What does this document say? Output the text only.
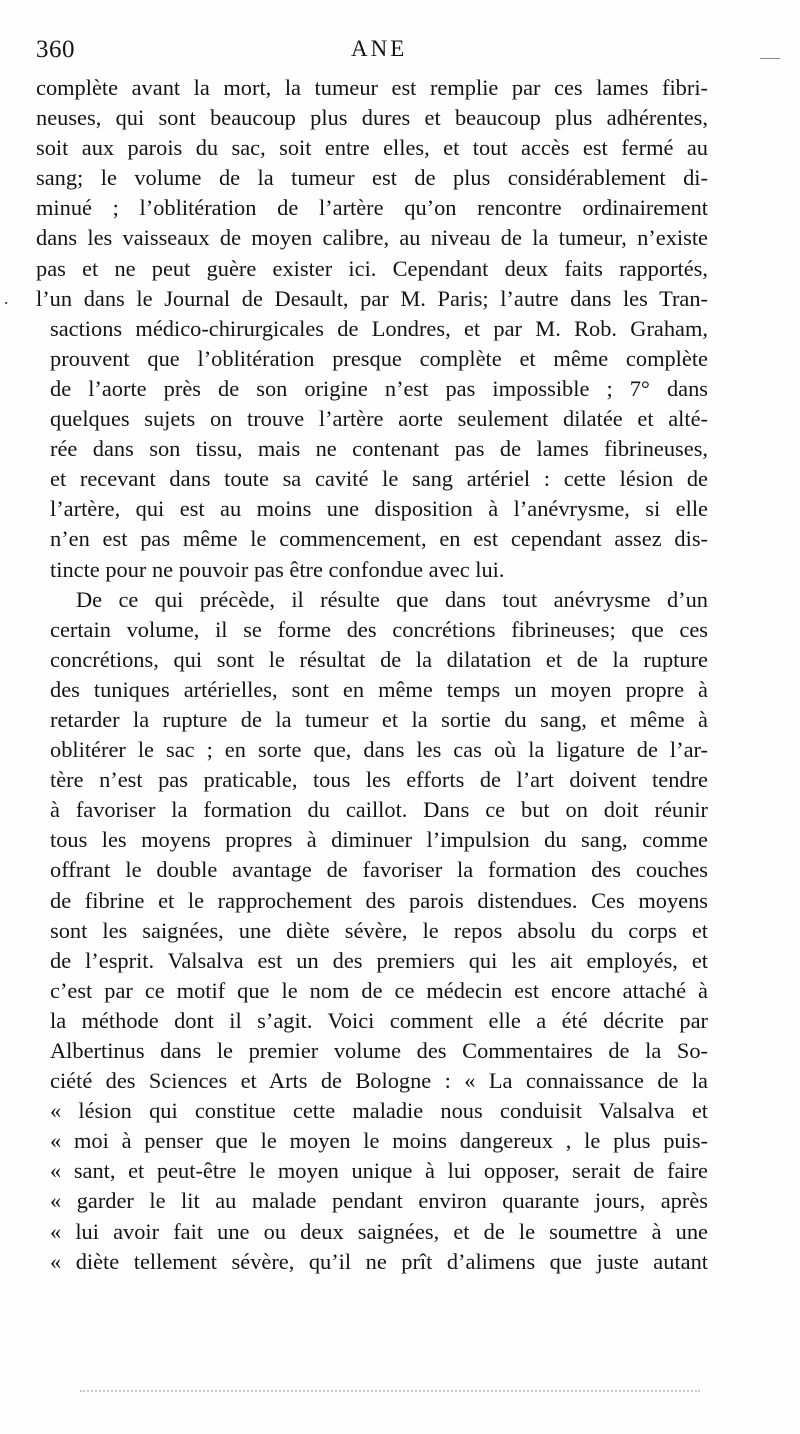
360	ANE
.
complète avant la mort, la tumeur est remplie par ces lames fibri-
neuses, qui sont beaucoup plus dures et beaucoup plus adhérentes,
soit aux parois du sac, soit entre elles, et tout accès est fermé au
sang; le volume de la tumeur est de plus considérablement di-
minué ; l’oblitération de l’artère qu’on rencontre ordinairement
dans les vaisseaux de moyen calibre, au niveau de la tumeur, n’existe
pas et ne peut guère exister ici. Cependant deux faits rapportés,
l’un dans le Journal de Desault, par M. Paris; l’autre dans les Tran-
sactions médico-chirurgicales de Londres, et par M. Rob. Graham,
prouvent que l’oblitération presque complète et même complète
de l’aorte près de son origine n’est pas impossible ; 7° dans
quelques sujets on trouve l’artère aorte seulement dilatée et alté-
rée dans son tissu, mais ne contenant pas de lames fibrineuses,
et recevant dans toute sa cavité le sang artériel : cette lésion de
l’artère, qui est au moins une disposition à l’anévrysme, si elle
n’en est pas même le commencement, en est cependant assez dis-
tincte pour ne pouvoir pas être confondue avec lui.
De ce qui précède, il résulte que dans tout anévrysme d’un
certain volume, il se forme des concrétions fibrineuses; que ces
concrétions, qui sont le résultat de la dilatation et de la rupture
des tuniques artérielles, sont en même temps un moyen propre à
retarder la rupture de la tumeur et la sortie du sang, et même à
oblitérer le sac ; en sorte que, dans les cas où la ligature de l’ar-
tère n’est pas praticable, tous les efforts de l’art doivent tendre
à favoriser la formation du caillot. Dans ce but on doit réunir
tous les moyens propres à diminuer l’impulsion du sang, comme
offrant le double avantage de favoriser la formation des couches
de fibrine et le rapprochement des parois distendues. Ces moyens
sont les saignées, une diète sévère, le repos absolu du corps et
de l’esprit. Valsalva est un des premiers qui les ait employés, et
c’est par ce motif que le nom de ce médecin est encore attaché à
la méthode dont il s’agit. Voici comment elle a été décrite par
Albertinus dans le premier volume des Commentaires de la So-
ciété des Sciences et Arts de Bologne : « La connaissance de la
« lésion qui constitue cette maladie nous conduisit Valsalva et
« moi à penser que le moyen le moins dangereux , le plus puis-
« sant, et peut-être le moyen unique à lui opposer, serait de faire
« garder le lit au malade pendant environ quarante jours, après
« lui avoir fait une ou deux saignées, et de le soumettre à une
« diète tellement sévère, qu’il ne prît d’alimens que juste autant
